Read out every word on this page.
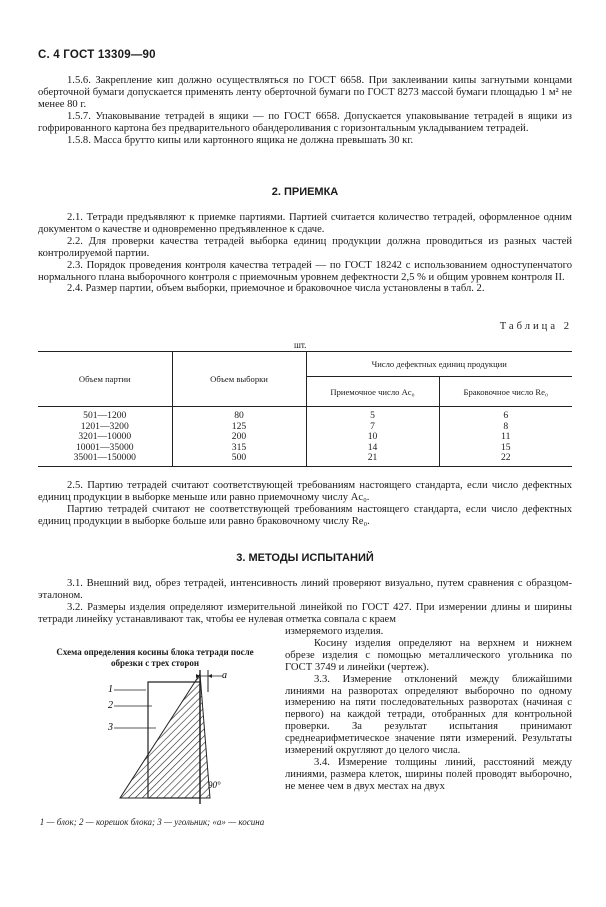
С. 4 ГОСТ 13309—90

1.5.6. Закрепление кип должно осуществляться по ГОСТ 6658. При заклеивании кипы загнутыми концами оберточной бумаги допускается применять ленту оберточной бумаги по ГОСТ 8273 массой бумаги площадью 1 м² не менее 80 г.

1.5.7. Упаковывание тетрадей в ящики — по ГОСТ 6658. Допускается упаковывание тетрадей в ящики из гофрированного картона без предварительного обандероливания с горизонтальным укладыванием тетрадей.

1.5.8. Масса брутто кипы или картонного ящика не должна превышать 30 кг.

2. ПРИЕМКА

2.1. Тетради предъявляют к приемке партиями. Партией считается количество тетрадей, оформленное одним документом о качестве и одновременно предъявленное к сдаче.

2.2. Для проверки качества тетрадей выборка единиц продукции должна проводиться из разных частей контролируемой партии.

2.3. Порядок проведения контроля качества тетрадей — по ГОСТ 18242 с использованием одноступенчатого нормального плана выборочного контроля с приемочным уровнем дефектности 2,5 % и общим уровнем контроля II.

2.4. Размер партии, объем выборки, приемочное и браковочное числа установлены в табл. 2.

Таблица 2
шт.
Объем партии	Объем выборки	Число дефектных единиц продукции	
		Приемочное число Ac₀	Браковочное число Re₀
501—1200	80	5	6
1201—3200	125	7	8
3201—10000	200	10	11
10001—35000	315	14	15
35001—150000	500	21	22

2.5. Партию тетрадей считают соответствующей требованиям настоящего стандарта, если число дефектных единиц продукции в выборке меньше или равно приемочному числу Ac₀.

Партию тетрадей считают не соответствующей требованиям настоящего стандарта, если число дефектных единиц продукции в выборке больше или равно браковочному числу Re₀.

3. МЕТОДЫ ИСПЫТАНИЙ

3.1. Внешний вид, обрез тетрадей, интенсивность линий проверяют визуально, путем сравнения с образцом-эталоном.

3.2. Размеры изделия определяют измерительной линейкой по ГОСТ 427. При измерении длины и ширины тетради линейку устанавливают так, чтобы ее нулевая отметка совпала с краем

измеряемого изделия.

Косину изделия определяют на верхнем и нижнем обрезе изделия с помощью металлического угольника по ГОСТ 3749 и линейки (чертеж).

3.3. Измерение отклонений между ближайшими линиями на разворотах определяют выборочно по одному измерению на пяти последовательных разворотах (начиная с первого) на каждой тетради, отобранных для контрольной проверки. За результат испытания принимают среднеарифметическое значение пяти измерений. Результаты измерений округляют до целого числа.

3.4. Измерение толщины линий, расстояний между линиями, размера клеток, ширины полей проводят выборочно, не менее чем в двух местах на двух

Схема определения косины блока тетради после обрезки с трех сторон
1
2
3
a
90°
1 — блок; 2 — корешок блока; 3 — угольник; «a» — косина
